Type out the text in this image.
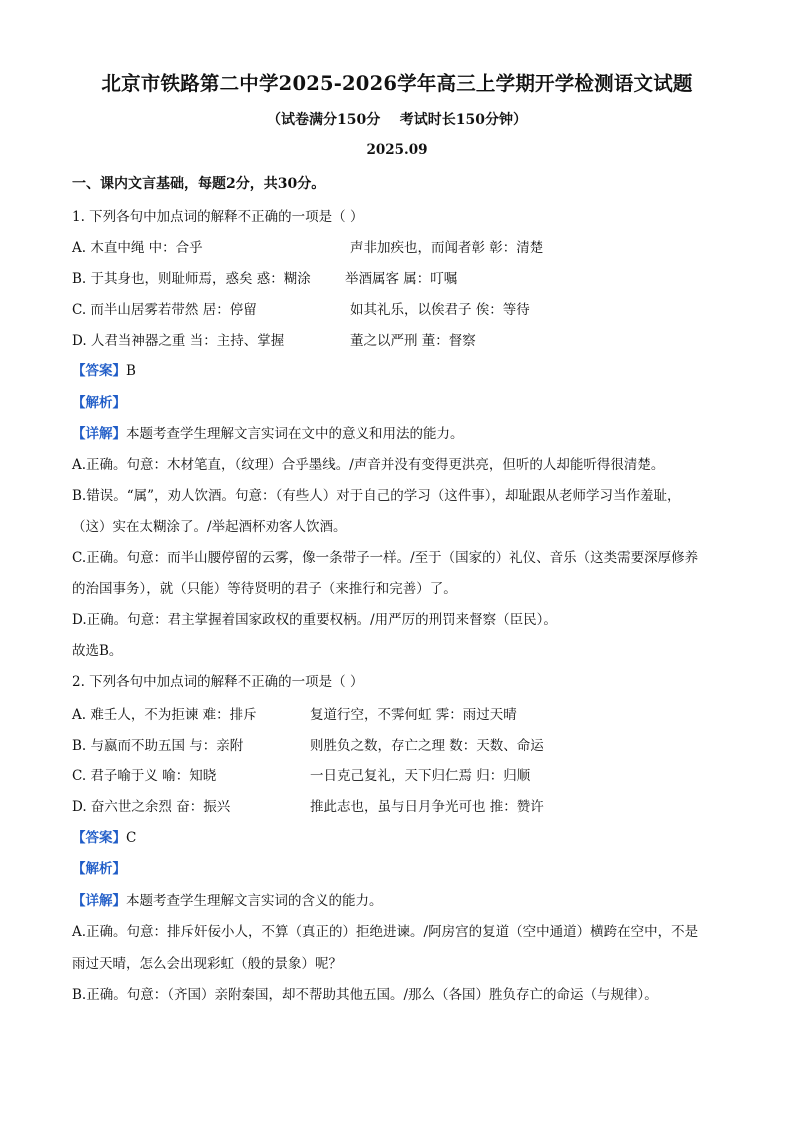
北京市铁路第二中学2025-2026学年高三上学期开学检测语文试题
（试卷满分150分    考试时长150分钟）
2025.09
一、课内文言基础，每题2分，共30分。
1. 下列各句中加点词的解释不正确的一项是（ ）
A. 木直中绳 中：合乎	声非加疾也，而闻者彰 彰：清楚
B. 于其身也，则耻师焉，惑矣 惑：糊涂	举酒属客 属：叮嘱
C. 而半山居雾若带然 居：停留	如其礼乐，以俟君子 俟：等待
D. 人君当神器之重 当：主持、掌握	董之以严刑 董：督察
【答案】B
【解析】
【详解】本题考查学生理解文言实词在文中的意义和用法的能力。
A.正确。句意：木材笔直，（纹理）合乎墨线。/声音并没有变得更洪亮，但听的人却能听得很清楚。
B.错误。“属”，劝人饮酒。句意：（有些人）对于自己的学习（这件事），却耻跟从老师学习当作羞耻，
（这）实在太糊涂了。/举起酒杯劝客人饮酒。
C.正确。句意：而半山腰停留的云雾，像一条带子一样。/至于（国家的）礼仪、音乐（这类需要深厚修养
的治国事务），就（只能）等待贤明的君子（来推行和完善）了。
D.正确。句意：君主掌握着国家政权的重要权柄。/用严厉的刑罚来督察（臣民）。
故选B。
2. 下列各句中加点词的解释不正确的一项是（ ）
A. 难壬人，不为拒谏 难：排斥	复道行空，不霁何虹 霁：雨过天晴
B. 与嬴而不助五国 与：亲附	则胜负之数，存亡之理 数：天数、命运
C. 君子喻于义 喻：知晓	一日克己复礼，天下归仁焉 归：归顺
D. 奋六世之余烈 奋：振兴	推此志也，虽与日月争光可也 推：赞许
【答案】C
【解析】
【详解】本题考查学生理解文言实词的含义的能力。
A.正确。句意：排斥奸佞小人，不算（真正的）拒绝进谏。/阿房宫的复道（空中通道）横跨在空中，不是
雨过天晴，怎么会出现彩虹（般的景象）呢？
B.正确。句意：（齐国）亲附秦国，却不帮助其他五国。/那么（各国）胜负存亡的命运（与规律）。
